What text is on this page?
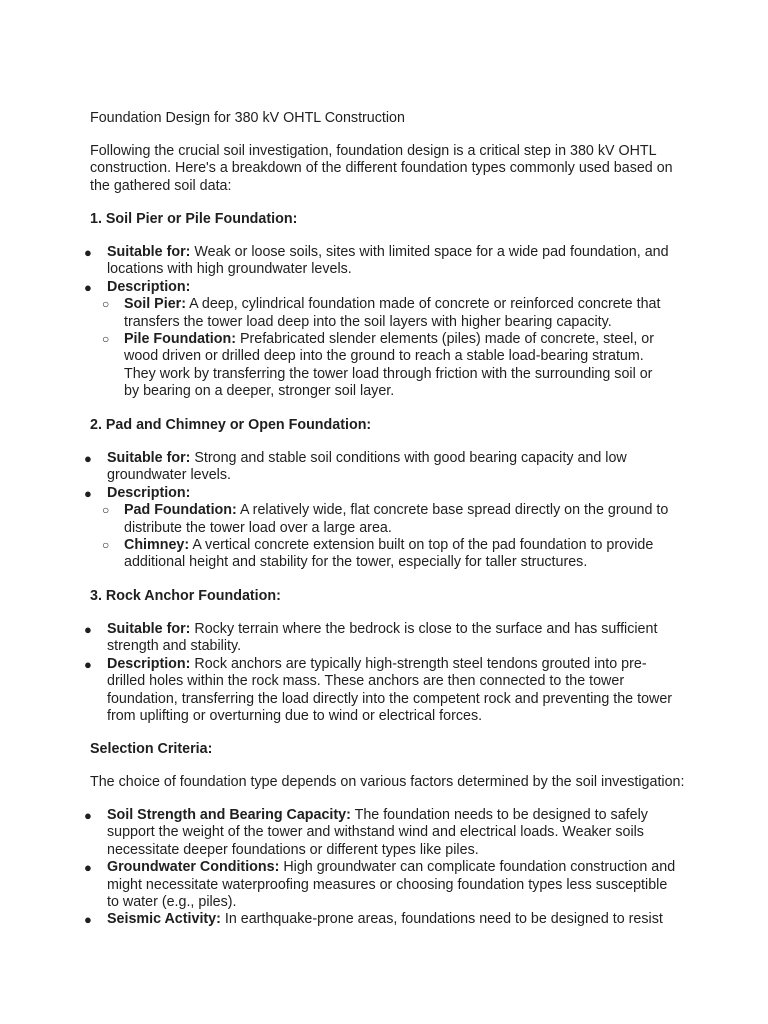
Foundation Design for 380 kV OHTL Construction
Following the crucial soil investigation, foundation design is a critical step in 380 kV OHTL construction. Here's a breakdown of the different foundation types commonly used based on the gathered soil data:
1. Soil Pier or Pile Foundation:
● Suitable for: Weak or loose soils, sites with limited space for a wide pad foundation, and locations with high groundwater levels.
● Description:
○ Soil Pier: A deep, cylindrical foundation made of concrete or reinforced concrete that transfers the tower load deep into the soil layers with higher bearing capacity.
○ Pile Foundation: Prefabricated slender elements (piles) made of concrete, steel, or wood driven or drilled deep into the ground to reach a stable load-bearing stratum. They work by transferring the tower load through friction with the surrounding soil or by bearing on a deeper, stronger soil layer.
2. Pad and Chimney or Open Foundation:
● Suitable for: Strong and stable soil conditions with good bearing capacity and low groundwater levels.
● Description:
○ Pad Foundation: A relatively wide, flat concrete base spread directly on the ground to distribute the tower load over a large area.
○ Chimney: A vertical concrete extension built on top of the pad foundation to provide additional height and stability for the tower, especially for taller structures.
3. Rock Anchor Foundation:
● Suitable for: Rocky terrain where the bedrock is close to the surface and has sufficient strength and stability.
● Description: Rock anchors are typically high-strength steel tendons grouted into pre-drilled holes within the rock mass. These anchors are then connected to the tower foundation, transferring the load directly into the competent rock and preventing the tower from uplifting or overturning due to wind or electrical forces.
Selection Criteria:
The choice of foundation type depends on various factors determined by the soil investigation:
● Soil Strength and Bearing Capacity: The foundation needs to be designed to safely support the weight of the tower and withstand wind and electrical loads. Weaker soils necessitate deeper foundations or different types like piles.
● Groundwater Conditions: High groundwater can complicate foundation construction and might necessitate waterproofing measures or choosing foundation types less susceptible to water (e.g., piles).
● Seismic Activity: In earthquake-prone areas, foundations need to be designed to resist
